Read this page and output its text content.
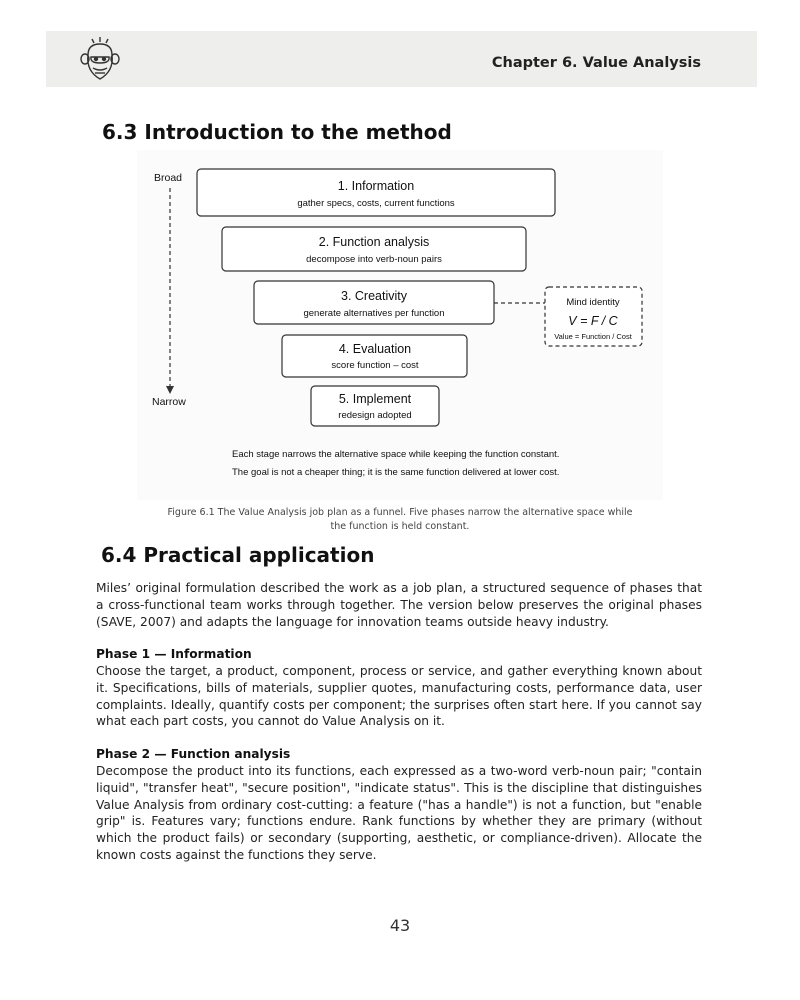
Chapter 6. Value Analysis
6.3 Introduction to the method
Broad
Narrow
1. Information
gather specs, costs, current functions
2. Function analysis
decompose into verb-noun pairs
3. Creativity
generate alternatives per function
Mind identity
V = F / C
Value = Function / Cost
4. Evaluation
score function – cost
5. Implement
redesign adopted
Each stage narrows the alternative space while keeping the function constant.
The goal is not a cheaper thing; it is the same function delivered at lower cost.
Figure 6.1 The Value Analysis job plan as a funnel. Five phases narrow the alternative space while
the function is held constant.
6.4 Practical application

Miles’ original formulation described the work as a job plan, a structured sequence of phases that a cross-functional team works through together. The version below preserves the original phases (SAVE, 2007) and adapts the language for innovation teams outside heavy industry.

Phase 1 — Information

Choose the target, a product, component, process or service, and gather everything known about it. Specifications, bills of materials, supplier quotes, manufacturing costs, performance data, user complaints. Ideally, quantify costs per component; the surprises often start here. If you cannot say what each part costs, you cannot do Value Analysis on it.

Phase 2 — Function analysis

Decompose the product into its functions, each expressed as a two-word verb-noun pair; "contain liquid", "transfer heat", "secure position", "indicate status". This is the discipline that distinguishes Value Analysis from ordinary cost-cutting: a feature ("has a handle") is not a function, but "enable grip" is. Features vary; functions endure. Rank functions by whether they are primary (without which the product fails) or secondary (supporting, aesthetic, or compliance-driven). Allocate the known costs against the functions they serve.

43
